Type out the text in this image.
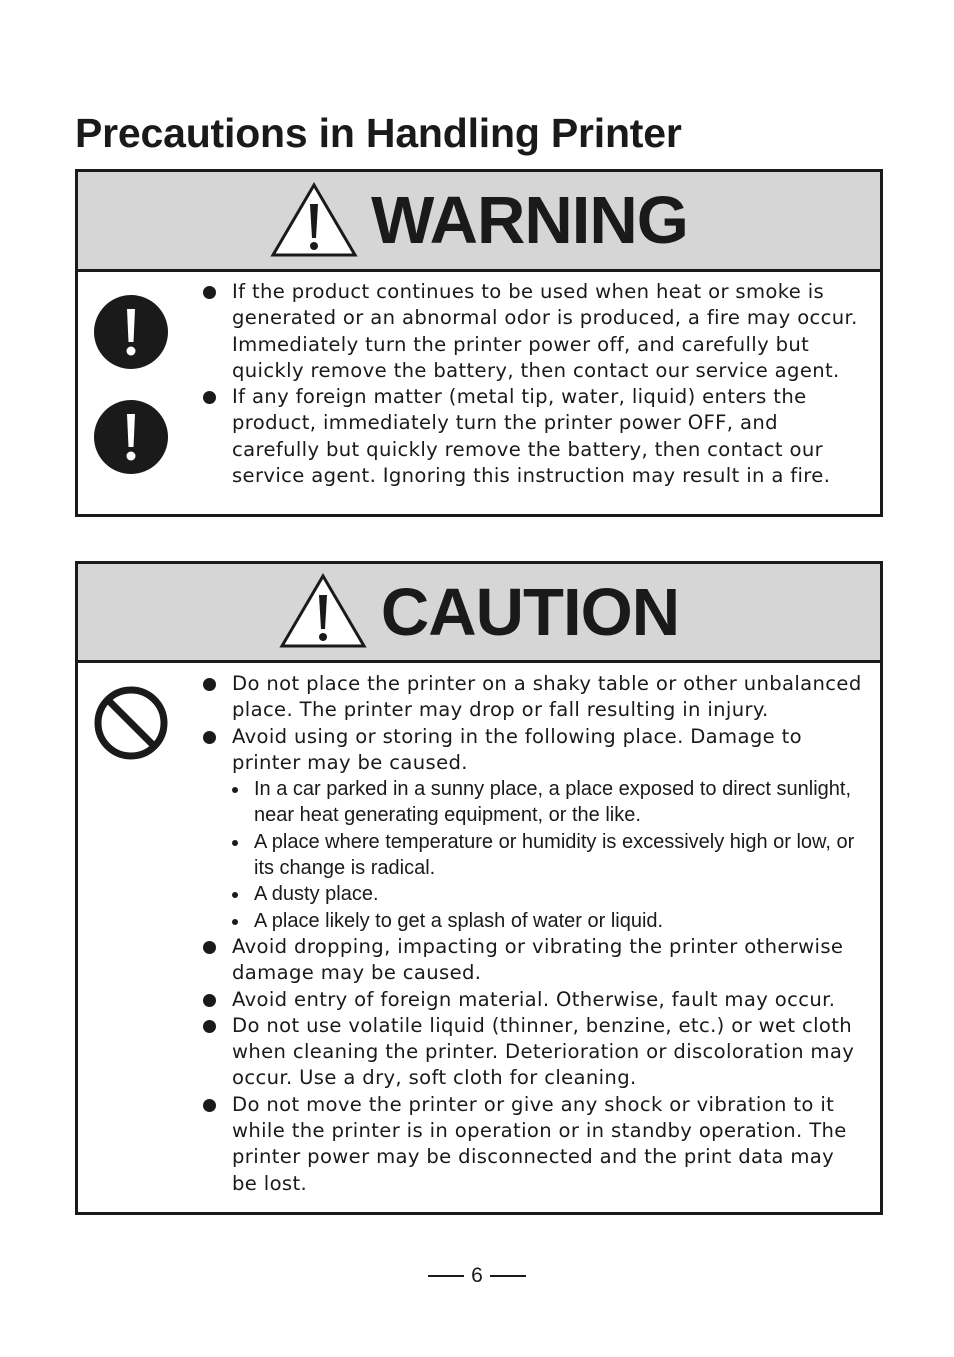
Precautions in Handling Printer
WARNING
If the product continues to be used when heat or smoke is generated or an abnormal odor is produced, a fire may occur. Immediately turn the printer power off, and carefully but quickly remove the battery, then contact our service agent.
If any foreign matter (metal tip, water, liquid) enters the product, immediately turn the printer power OFF, and carefully but quickly remove the battery, then contact our service agent. Ignoring this instruction may result in a fire.
CAUTION
Do not place the printer on a shaky table or other unbalanced place. The printer may drop or fall resulting in injury.
Avoid using or storing in the following place. Damage to printer may be caused.
In a car parked in a sunny place, a place exposed to direct sunlight, near heat generating equipment, or the like.
A place where temperature or humidity is excessively high or low, or its change is radical.
A dusty place.
A place likely to get a splash of water or liquid.
Avoid dropping, impacting or vibrating the printer otherwise damage may be caused.
Avoid entry of foreign material. Otherwise, fault may occur.
Do not use volatile liquid (thinner, benzine, etc.) or wet cloth when cleaning the printer. Deterioration or discoloration may occur. Use a dry, soft cloth for cleaning.
Do not move the printer or give any shock or vibration to it while the printer is in operation or in standby operation. The printer power may be disconnected and the print data may be lost.
6
